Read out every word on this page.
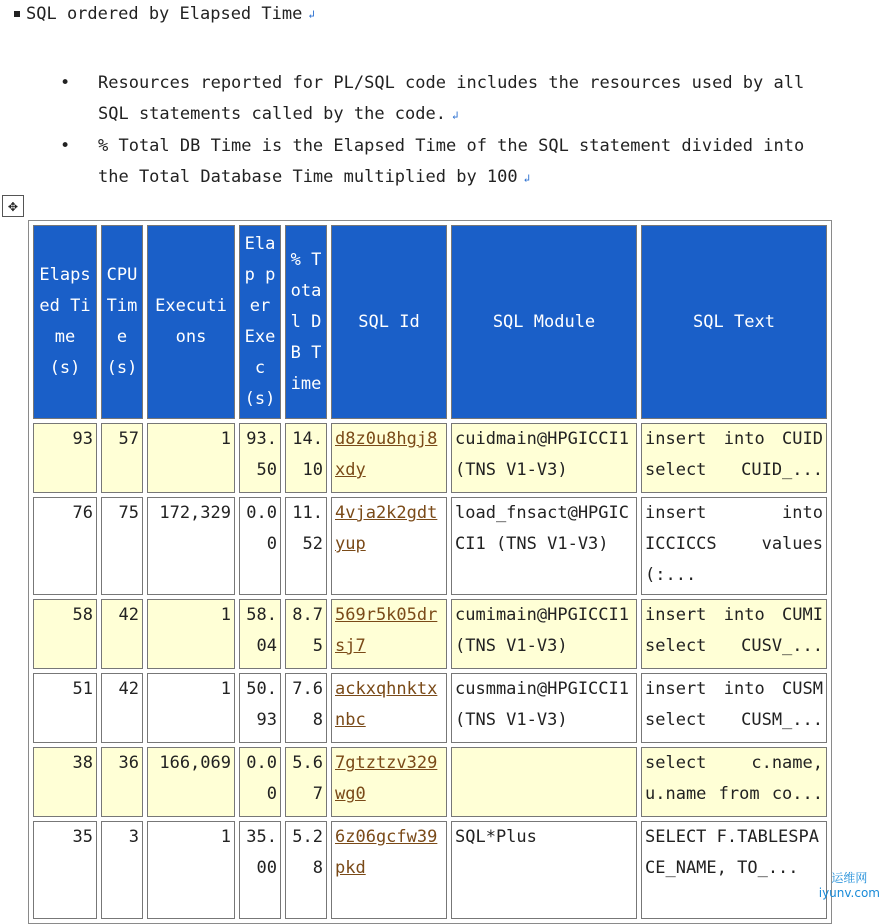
SQL ordered by Elapsed Time ↲
•	Resources reported for PL/SQL code includes the resources used by all SQL statements called by the code. ↲
•	% Total DB Time is the Elapsed Time of the SQL statement divided into the Total Database Time multiplied by 100 ↲
✥
Elapsed Time (s)	CPU Time (s)	Executions	Elap per Exec (s)	% Total DB Time	SQL Id	SQL Module	SQL Text
93	57	1	93.50	14.10	d8z0u8hgj8xdy	cuidmain@HPGICCI1 (TNS V1-V3)	insert into CUID select CUID_...
76	75	172,329	0.00	11.52	4vja2k2gdtyup	load_fnsact@HPGICCI1 (TNS V1-V3)	insert into ICCICCS values (:...
58	42	1	58.04	8.75	569r5k05drsj7	cumimain@HPGICCI1 (TNS V1-V3)	insert into CUMI select CUSV_...
51	42	1	50.93	7.68	ackxqhnktxnbc	cusmmain@HPGICCI1 (TNS V1-V3)	insert into CUSM select CUSM_...
38	36	166,069	0.00	5.67	7gtztzv329wg0		select c.name, u.name from co...
35	3	1	35.00	5.28	6z06gcfw39pkd	SQL*Plus	SELECT F.TABLESPACE_NAME, TO_...	运维网
iyunv.com
